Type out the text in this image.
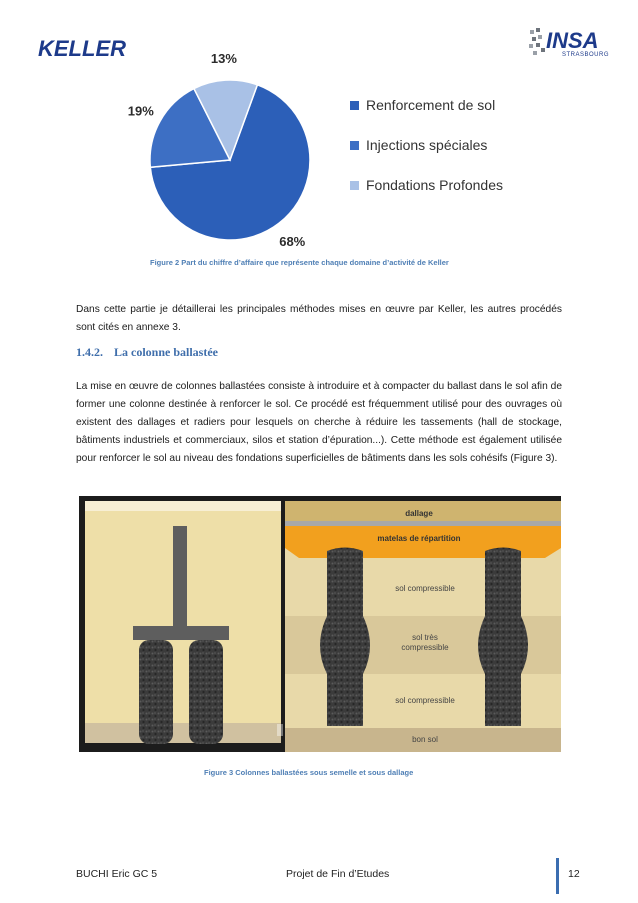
KELLER	INSA
STRASBOURG
68%
19%
13%
Renforcement de sol
Injections spéciales
Fondations Profondes
Figure 2 Part du chiffre d’affaire que représente chaque domaine d’activité de Keller

Dans cette partie je détaillerai les principales méthodes mises en œuvre par Keller, les autres procédés sont cités en annexe 3.

1.4.2. La colonne ballastée

La mise en œuvre de colonnes ballastées consiste à introduire et à compacter du ballast dans le sol afin de former une colonne destinée à renforcer le sol. Ce procédé est fréquemment utilisé pour des ouvrages où existent des dallages et radiers pour lesquels on cherche à réduire les tassements (hall de stockage, bâtiments industriels et commerciaux, silos et station d’épuration...). Cette méthode est également utilisée pour renforcer le sol au niveau des fondations superficielles de bâtiments dans les sols cohésifs (Figure 3).

dallage
matelas de répartition
sol compressible
sol très
compressible
sol compressible
bon sol
Figure 3 Colonnes ballastées sous semelle et sous dallage
BUCHI Eric GC 5	Projet de Fin d’Etudes	12
